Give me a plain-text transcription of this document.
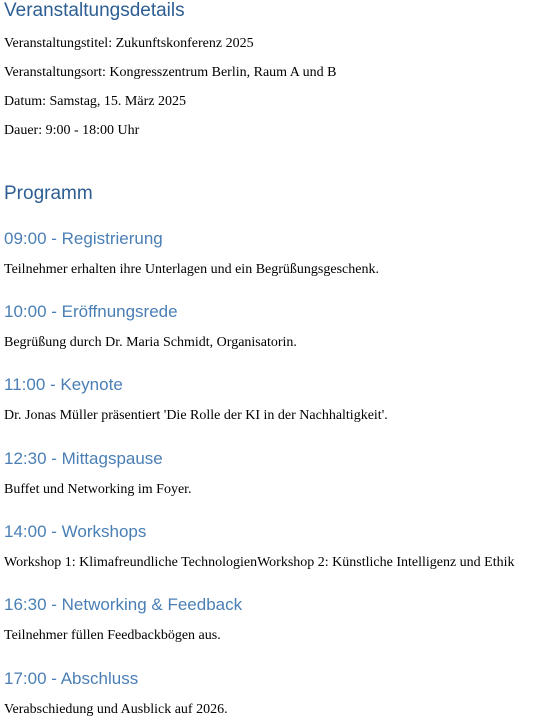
Veranstaltungsdetails

Veranstaltungstitel: Zukunftskonferenz 2025

Veranstaltungsort: Kongresszentrum Berlin, Raum A und B

Datum: Samstag, 15. März 2025

Dauer: 9:00 - 18:00 Uhr

Programm
09:00 - Registrierung

Teilnehmer erhalten ihre Unterlagen und ein Begrüßungsgeschenk.

10:00 - Eröffnungsrede

Begrüßung durch Dr. Maria Schmidt, Organisatorin.

11:00 - Keynote

Dr. Jonas Müller präsentiert 'Die Rolle der KI in der Nachhaltigkeit'.

12:30 - Mittagspause

Buffet und Networking im Foyer.

14:00 - Workshops

Workshop 1: Klimafreundliche TechnologienWorkshop 2: Künstliche Intelligenz und Ethik

16:30 - Networking & Feedback

Teilnehmer füllen Feedbackbögen aus.

17:00 - Abschluss

Verabschiedung und Ausblick auf 2026.
